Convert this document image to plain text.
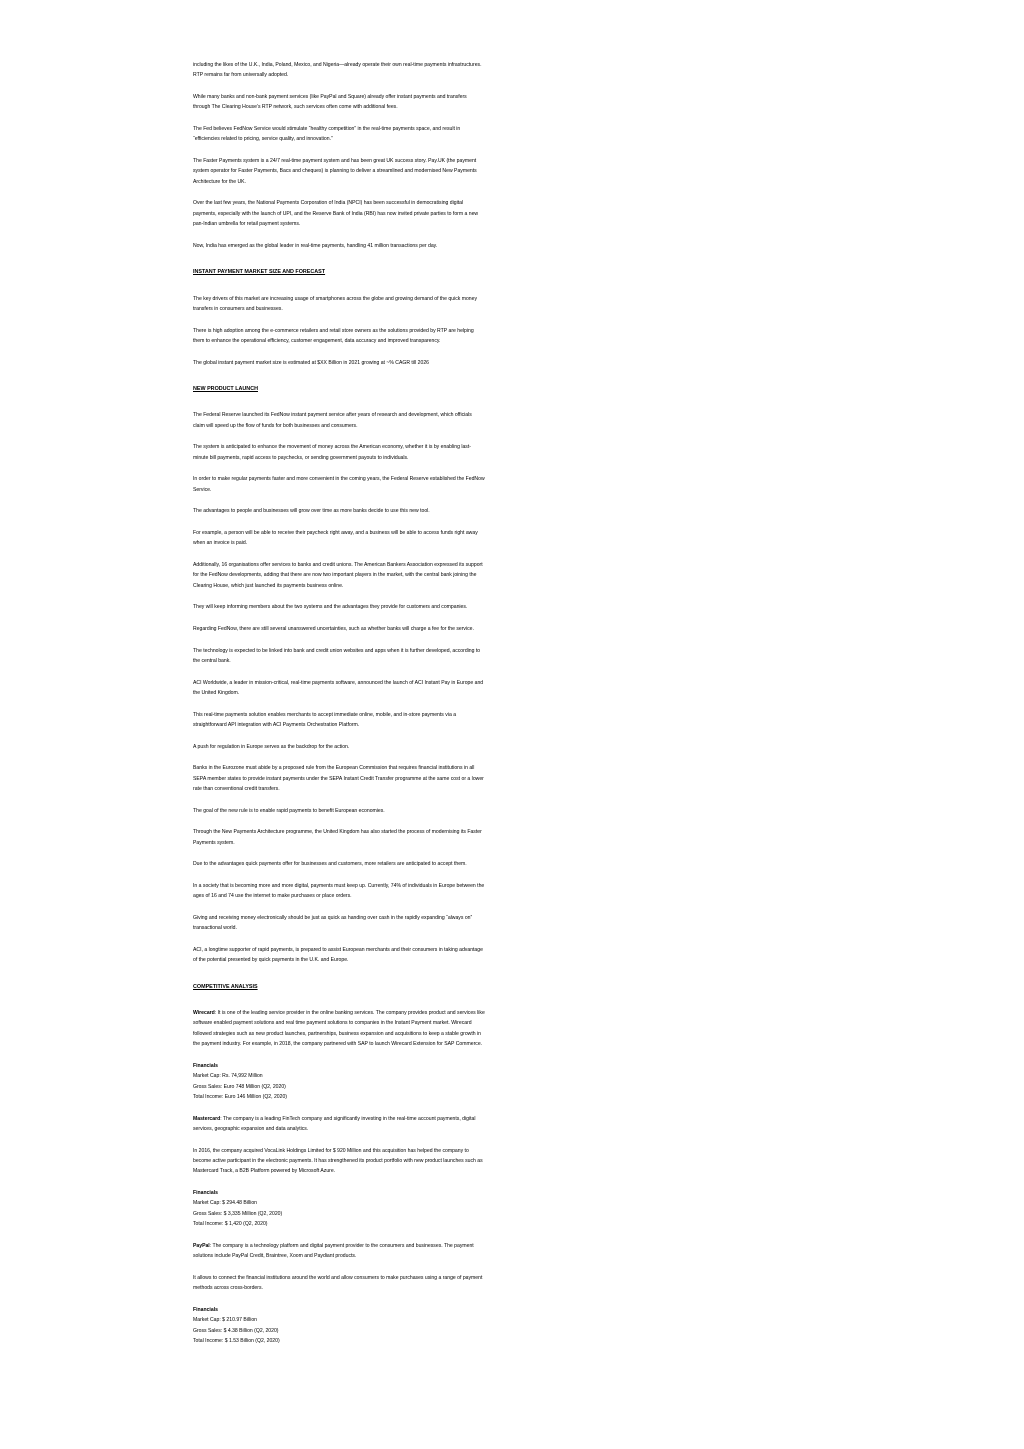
including the likes of the U.K., India, Poland, Mexico, and Nigeria—already operate their own real-time payments infrastructures. RTP remains far from universally adopted.

While many banks and non-bank payment services (like PayPal and Square) already offer instant payments and transfers through The Clearing House’s RTP network, such services often come with additional fees.

The Fed believes FedNow Service would stimulate “healthy competition” in the real-time payments space, and result in “efficiencies related to pricing, service quality, and innovation.”

The Faster Payments system is a 24/7 real-time payment system and has been great UK success story. Pay.UK (the payment system operator for Faster Payments, Bacs and cheques) is planning to deliver a streamlined and modernised New Payments Architecture for the UK.

Over the last few years, the National Payments Corporation of India (NPCI) has been successful in democratising digital payments, especially with the launch of UPI, and the Reserve Bank of India (RBI) has now invited private parties to form a new pan-Indian umbrella for retail payment systems.

Now, India has emerged as the global leader in real-time payments, handling 41 million transactions per day.

INSTANT PAYMENT MARKET SIZE AND FORECAST

The key drivers of this market are increasing usage of smartphones across the globe and growing demand of the quick money transfers in consumers and businesses.

There is high adoption among the e-commerce retailers and retail store owners as the solutions provided by RTP are helping them to enhance the operational efficiency, customer engagement, data accuracy and improved transparency.

The global instant payment market size is estimated at $XX Billion in 2021 growing at ~% CAGR till 2026

NEW PRODUCT LAUNCH

The Federal Reserve launched its FedNow instant payment service after years of research and development, which officials claim will speed up the flow of funds for both businesses and consumers.

The system is anticipated to enhance the movement of money across the American economy, whether it is by enabling last-minute bill payments, rapid access to paychecks, or sending government payouts to individuals.

In order to make regular payments faster and more convenient in the coming years, the Federal Reserve established the FedNow Service.

The advantages to people and businesses will grow over time as more banks decide to use this new tool.

For example, a person will be able to receive their paycheck right away, and a business will be able to access funds right away when an invoice is paid.

Additionally, 16 organisations offer services to banks and credit unions. The American Bankers Association expressed its support for the FedNow developments, adding that there are now two important players in the market, with the central bank joining the Clearing House, which just launched its payments business online.

They will keep informing members about the two systems and the advantages they provide for customers and companies.

Regarding FedNow, there are still several unanswered uncertainties, such as whether banks will charge a fee for the service.

The technology is expected to be linked into bank and credit union websites and apps when it is further developed, according to the central bank.

ACI Worldwide, a leader in mission-critical, real-time payments software, announced the launch of ACI Instant Pay in Europe and the United Kingdom.

This real-time payments solution enables merchants to accept immediate online, mobile, and in-store payments via a straightforward API integration with ACI Payments Orchestration Platform.

A push for regulation in Europe serves as the backdrop for the action.

Banks in the Eurozone must abide by a proposed rule from the European Commission that requires financial institutions in all SEPA member states to provide instant payments under the SEPA Instant Credit Transfer programme at the same cost or a lower rate than conventional credit transfers.

The goal of the new rule is to enable rapid payments to benefit European economies.

Through the New Payments Architecture programme, the United Kingdom has also started the process of modernising its Faster Payments system.

Due to the advantages quick payments offer for businesses and customers, more retailers are anticipated to accept them.

In a society that is becoming more and more digital, payments must keep up. Currently, 74% of individuals in Europe between the ages of 16 and 74 use the internet to make purchases or place orders.

Giving and receiving money electronically should be just as quick as handing over cash in the rapidly expanding “always on” transactional world.

ACI, a longtime supporter of rapid payments, is prepared to assist European merchants and their consumers in taking advantage of the potential presented by quick payments in the U.K. and Europe.

COMPETITIVE ANALYSIS

Wirecard: It is one of the leading service provider in the online banking services. The company provides product and services like software enabled payment solutions and real time payment solutions to companies in the Instant Payment market. Wirecard followed strategies such as new product launches, partnerships, business expansion and acquisitions to keep a stable growth in the payment industry. For example, in 2018, the company partnered with SAP to launch Wirecard Extension for SAP Commerce.

Financials

Market Cap: Rs. 74,992 Million

Gross Sales: Euro 748 Million (Q2, 2020)

Total Income: Euro 146 Million (Q2, 2020)

Mastercard: The company is a leading FinTech company and significantly investing in the real-time account payments, digital services, geographic expansion and data analytics.

In 2016, the company acquired VocaLink Holdings Limited for $ 920 Million and this acquisition has helped the company to become active participant in the electronic payments. It has strengthened its product portfolio with new product launches such as Mastercard Track, a B2B Platform powered by Microsoft Azure.

Financials

Market Cap: $ 294.48 Billion

Gross Sales: $ 3,335 Million (Q2, 2020)

Total Income: $ 1,420 (Q2, 2020)

PayPal: The company is a technology platform and digital payment provider to the consumers and businesses. The payment solutions include PayPal Credit, Braintree, Xoom and Paydiant products.

It allows to connect the financial institutions around the world and allow consumers to make purchases using a range of payment methods across cross-borders.

Financials

Market Cap: $ 210.97 Billion

Gross Sales: $ 4.38 Billion (Q2, 2020)

Total Income: $ 1.53 Billion (Q2, 2020)
